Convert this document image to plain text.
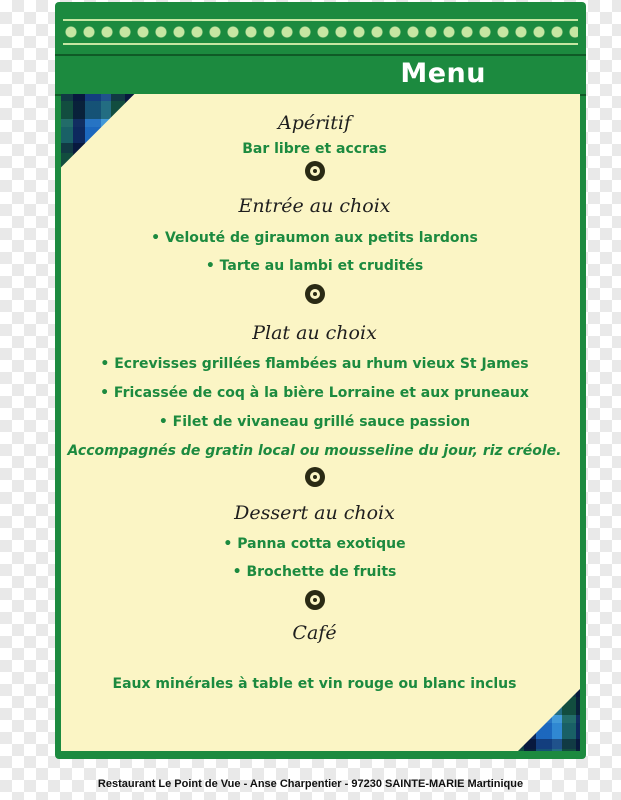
Menu
Apéritif
Bar libre et accras
Entrée au choix
• Velouté de giraumon aux petits lardons
• Tarte au lambi et crudités
Plat au choix
• Ecrevisses grillées flambées au rhum vieux St James
• Fricassée de coq à la bière Lorraine et aux pruneaux
• Filet de vivaneau grillé sauce passion
Accompagnés de gratin local ou mousseline du jour, riz créole.
Dessert au choix
• Panna cotta exotique
• Brochette de fruits
Café
Eaux minérales à table et vin rouge ou blanc inclus
Restaurant Le Point de Vue - Anse Charpentier - 97230 SAINTE-MARIE Martinique
